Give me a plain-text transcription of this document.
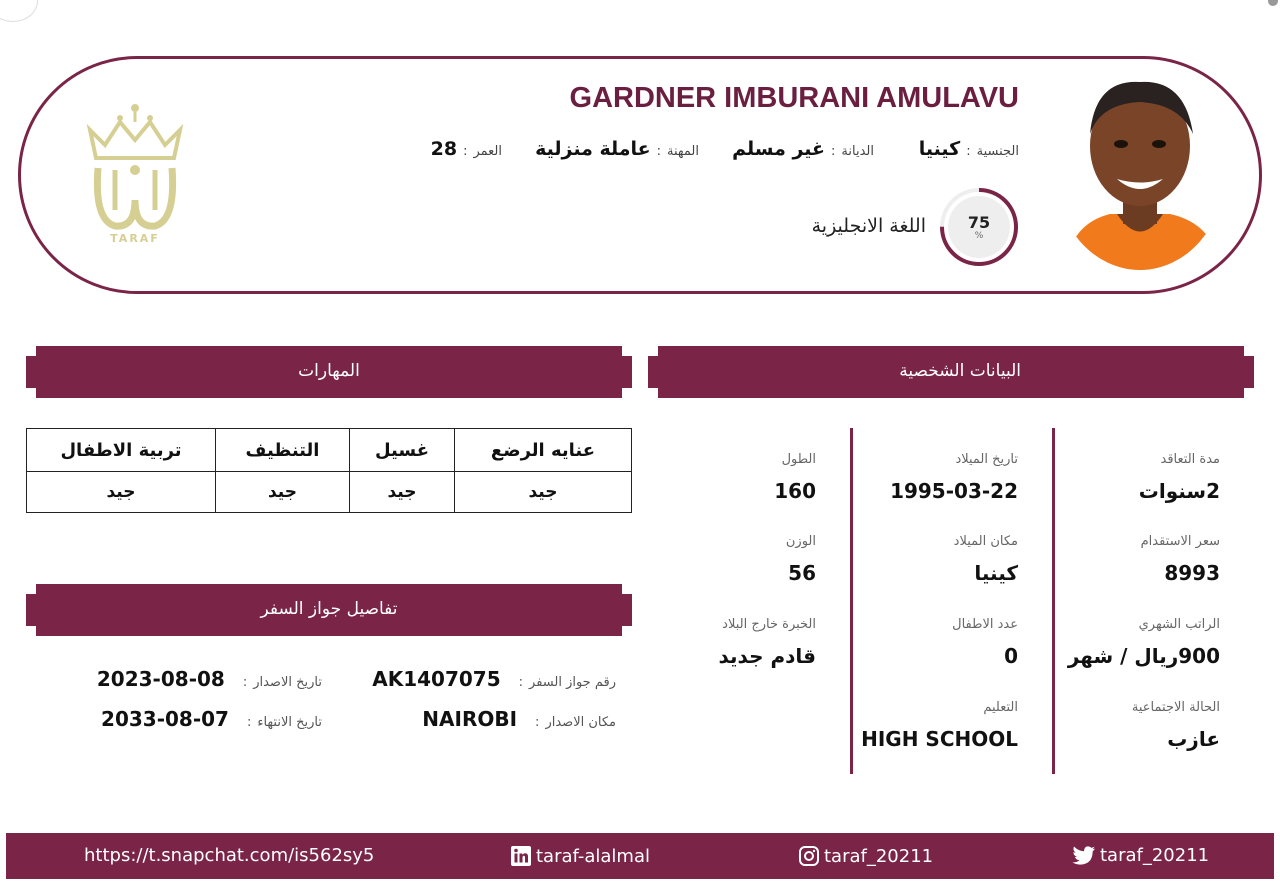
TARAF
GARDNER IMBURANI AMULAVU
الجنسية
:
كينيا
الديانة
:
غير مسلم
المهنة
:
عاملة منزلية
العمر
:
28
75
%
اللغة الانجليزية
البيانات الشخصية
المهارات
تفاصيل جواز السفر
مدة التعاقد
2سنوات
سعر الاستقدام
8993
الراتب الشهري
900ريال / شهر
الحالة الاجتماعية
عازب
تاريخ الميلاد
1995-03-22
مكان الميلاد
كينيا
عدد الاطفال
0
التعليم
HIGH SCHOOL
الطول
160
الوزن
56
الخبرة خارج البلاد
قادم جديد
عنايه الرضع	غسيل	التنظيف	تربية الاطفال
جيد	جيد	جيد	جيد
رقم جواز السفر
:
AK1407075
تاريخ الاصدار
:
2023-08-08
مكان الاصدار
:
NAIROBI
تاريخ الانتهاء
:
2033-08-07
https://t.snapchat.com/is562sy5	taraf-alalmal	taraf_20211	taraf_20211
